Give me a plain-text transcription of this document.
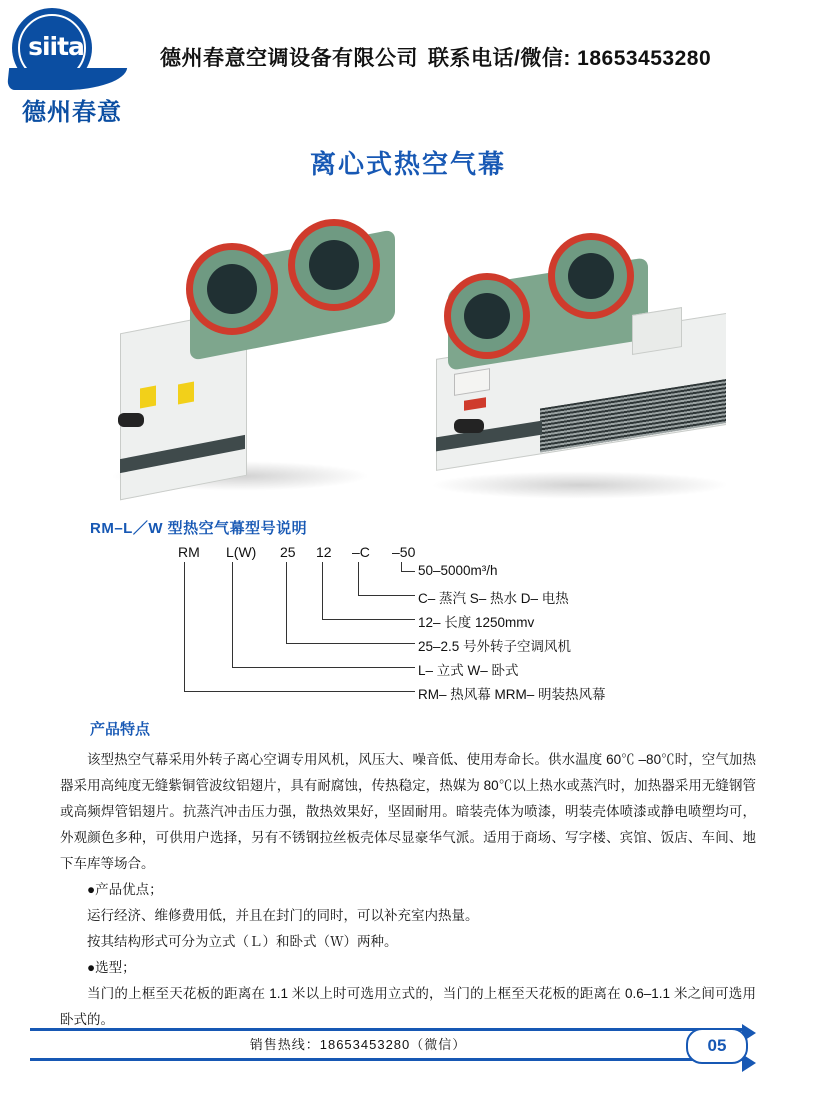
siita
德州春意
德州春意空调设备有限公司 联系电话/微信: 18653453280
离心式热空气幕
RM–L／W 型热空气幕型号说明
RM L(W) 25 12 –C –50
50–5000m³/h
C– 蒸汽 S– 热水 D– 电热
12– 长度 1250mmv
25–2.5 号外转子空调风机
L– 立式 W– 卧式
RM– 热风幕 MRM– 明装热风幕
产品特点

该型热空气幕采用外转子离心空调专用风机，风压大、噪音低、使用寿命长。供水温度 60℃ –80℃时，空气加热器采用高纯度无缝紫铜管波纹铝翅片，具有耐腐蚀，传热稳定，热媒为 80℃以上热水或蒸汽时，加热器采用无缝钢管或高频焊管铝翅片。抗蒸汽冲击压力强，散热效果好，坚固耐用。暗装壳体为喷漆，明装壳体喷漆或静电喷塑均可，外观颜色多种，可供用户选择，另有不锈钢拉丝板壳体尽显豪华气派。适用于商场、写字楼、宾馆、饭店、车间、地下车库等场合。

●产品优点；

运行经济、维修费用低，并且在封门的同时，可以补充室内热量。

按其结构形式可分为立式（Ｌ）和卧式（Ｗ）两种。

●选型；

当门的上框至天花板的距离在 1.1 米以上时可选用立式的，当门的上框至天花板的距离在 0.6–1.1 米之间可选用卧式的。

销售热线：18653453280（微信）	05
